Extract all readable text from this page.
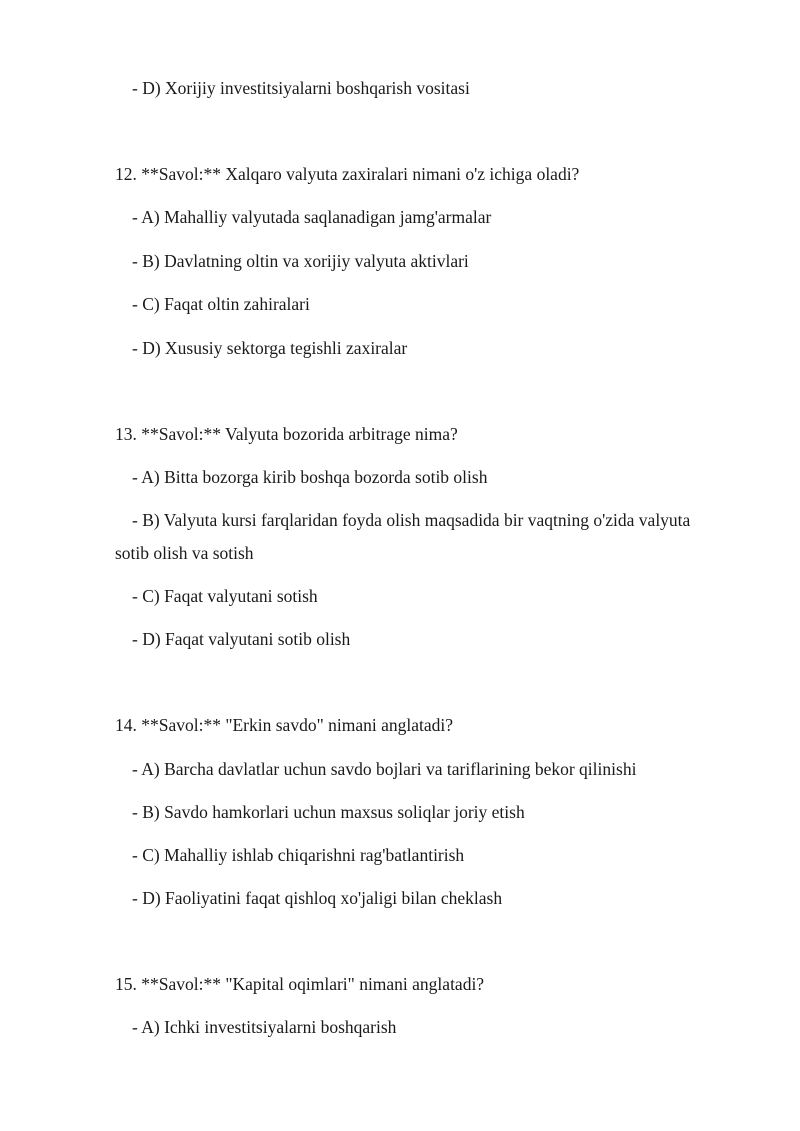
- D) Xorijiy investitsiyalarni boshqarish vositasi
12. **Savol:** Xalqaro valyuta zaxiralari nimani o'z ichiga oladi?
- A) Mahalliy valyutada saqlanadigan jamg'armalar
- B) Davlatning oltin va xorijiy valyuta aktivlari
- C) Faqat oltin zahiralari
- D) Xususiy sektorga tegishli zaxiralar
13. **Savol:** Valyuta bozorida arbitrage nima?
- A) Bitta bozorga kirib boshqa bozorda sotib olish
- B) Valyuta kursi farqlaridan foyda olish maqsadida bir vaqtning o'zida valyuta
sotib olish va sotish
- C) Faqat valyutani sotish
- D) Faqat valyutani sotib olish
14. **Savol:** "Erkin savdo" nimani anglatadi?
- A) Barcha davlatlar uchun savdo bojlari va tariflarining bekor qilinishi
- B) Savdo hamkorlari uchun maxsus soliqlar joriy etish
- C) Mahalliy ishlab chiqarishni rag'batlantirish
- D) Faoliyatini faqat qishloq xo'jaligi bilan cheklash
15. **Savol:** "Kapital oqimlari" nimani anglatadi?
- A) Ichki investitsiyalarni boshqarish
